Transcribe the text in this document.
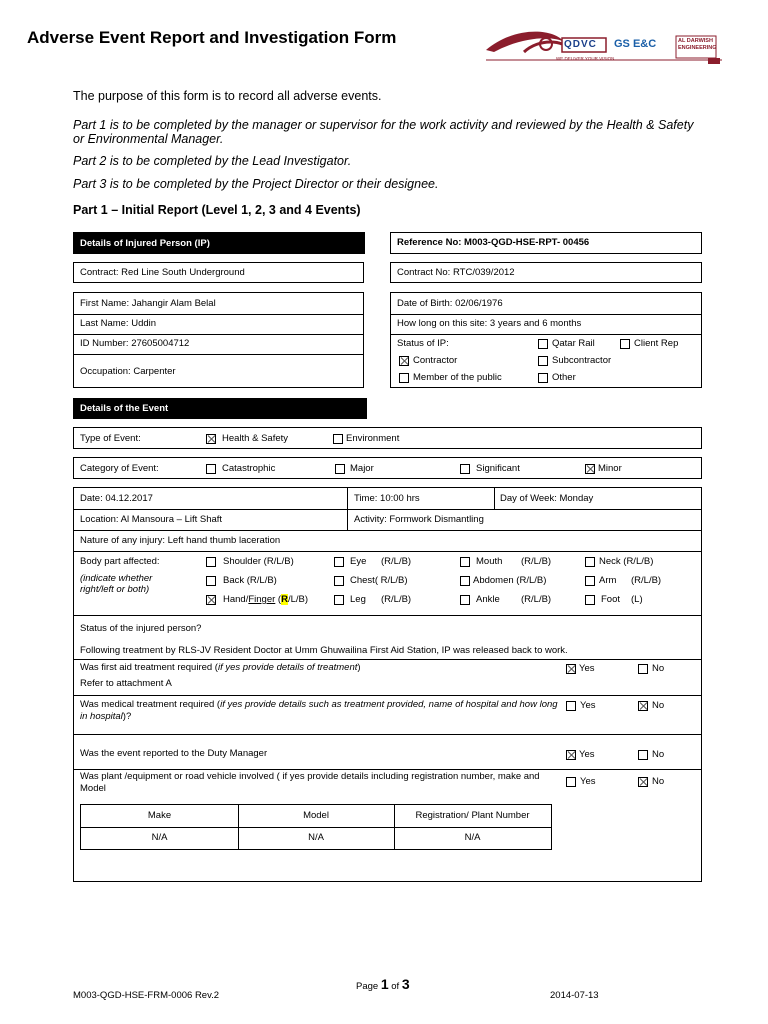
Adverse Event Report and Investigation Form	QDVC GS E&C	AL DARWISH ENGINEERING
WE DELIVER YOUR VISION
The purpose of this form is to record all adverse events.
Part 1 is to be completed by the manager or supervisor for the work activity and reviewed by the Health & Safety or Environmental Manager.
Part 2 is to be completed by the Lead Investigator.
Part 3 is to be completed by the Project Director or their designee.
Part 1 – Initial Report (Level 1, 2, 3 and 4 Events)
Details of Injured Person (IP)
Contract: Red Line South Underground
First Name: Jahangir Alam Belal
Last Name: Uddin
ID Number: 27605004712
Occupation: Carpenter
Reference No: M003-QGD-HSE-RPT- 00456
Contract No: RTC/039/2012
Date of Birth: 02/06/1976
How long on this site: 3 years and 6 months
Status of IP:	Qatar Rail	Client Rep
Contractor	Subcontractor
Member of the public	Other
Details of the Event
Type of Event:	Health & Safety	Environment
Category of Event:	Catastrophic	Major	Significant	Minor
Date: 04.12.2017	Time: 10:00 hrs	Day of Week: Monday
Location: Al Mansoura – Lift Shaft	Activity: Formwork Dismantling
Nature of any injury: Left hand thumb laceration
Body part affected:
(indicate whether right/left or both)
Shoulder (R/L/B)	Eye (R/L/B)	Mouth (R/L/B)	Neck (R/L/B)
Back (R/L/B)	Chest( R/L/B)	Abdomen (R/L/B)	Arm (R/L/B)
Hand/Finger (R/L/B)	Leg (R/L/B)	Ankle (R/L/B)	Foot (L)
Status of the injured person?
Following treatment by RLS-JV Resident Doctor at Umm Ghuwailina First Aid Station, IP was released back to work.
Was first aid treatment required (if yes provide details of treatment)
Refer to attachment A
Yes	No
Was medical treatment required (if yes provide details such as treatment provided, name of hospital and how long in hospital)?
Yes	No
Was the event reported to the Duty Manager	Yes	No
Was plant /equipment or road vehicle involved ( if yes provide details including registration number, make and Model
Yes	No
Make	Model	Registration/ Plant Number
N/A	N/A	N/A
Page 1 of 3
M003-QGD-HSE-FRM-0006 Rev.2	2014-07-13
